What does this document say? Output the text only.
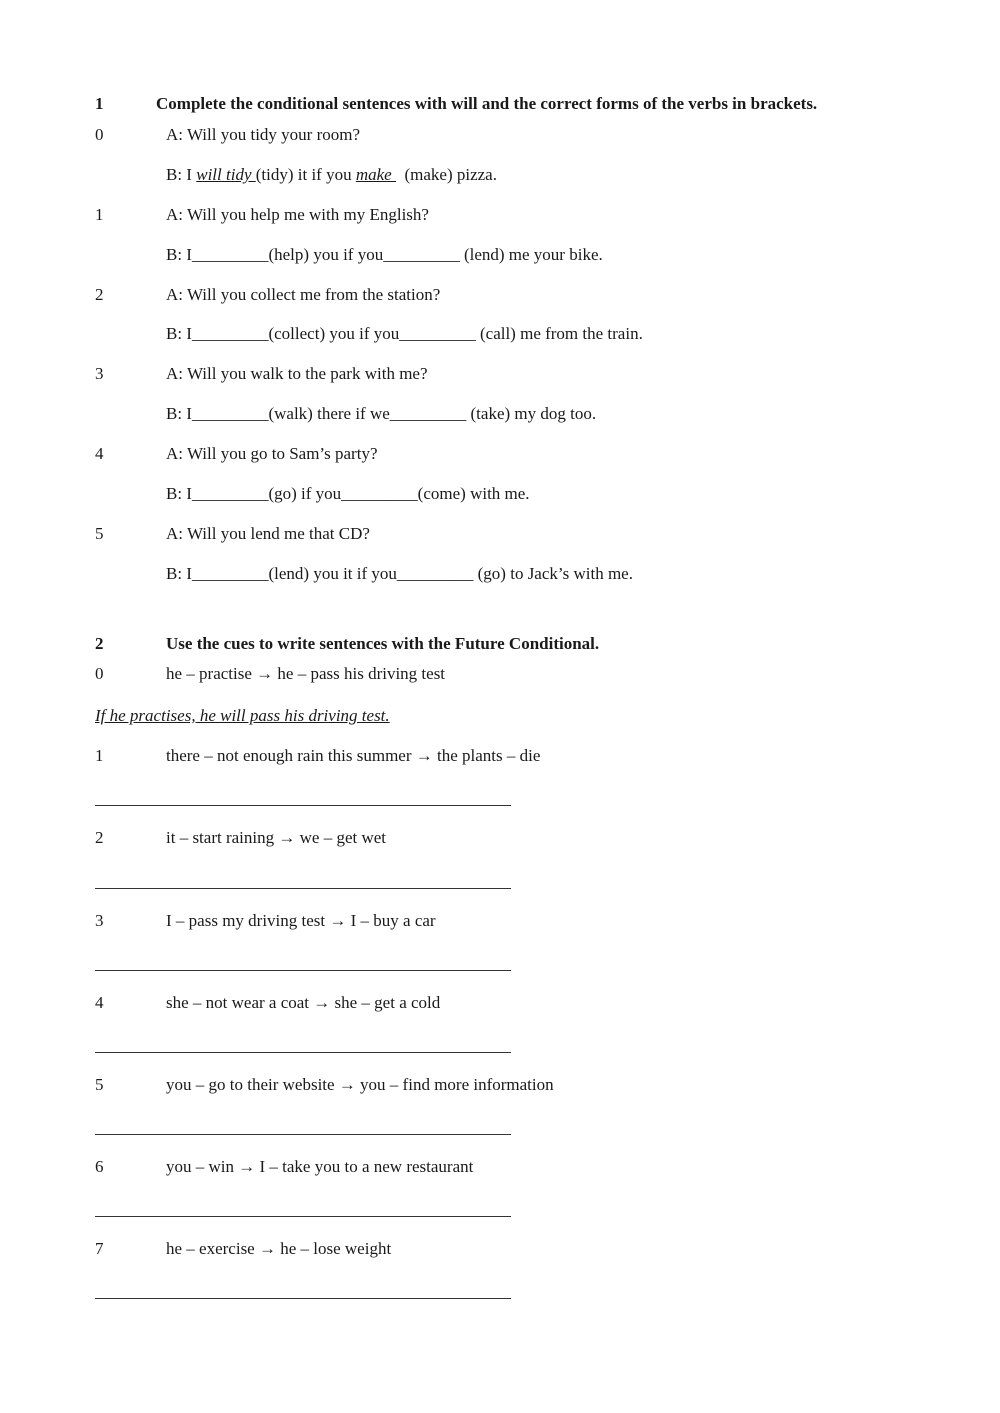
1	Complete the conditional sentences with will and the correct forms of the verbs in brackets.
0	A: Will you tidy your room?
B: I will tidy (tidy) it if you make   (make) pizza.
1	A: Will you help me with my English?
B: I_________(help) you if you_________ (lend) me your bike.
2	A: Will you collect me from the station?
B: I_________(collect) you if you_________ (call) me from the train.
3	A: Will you walk to the park with me?
B: I_________(walk) there if we_________ (take) my dog too.
4	A: Will you go to Sam’s party?
B: I_________(go) if you_________(come) with me.
5	A: Will you lend me that CD?
B: I_________(lend) you it if you_________ (go) to Jack’s with me.
2	Use the cues to write sentences with the Future Conditional.
0	he – practise → he – pass his driving test
If he practises, he will pass his driving test.
1	there – not enough rain this summer → the plants – die
2	it – start raining → we – get wet
3	I – pass my driving test → I – buy a car
4	she – not wear a coat → she – get a cold
5	you – go to their website → you – find more information
6	you – win → I – take you to a new restaurant
7	he – exercise → he – lose weight
